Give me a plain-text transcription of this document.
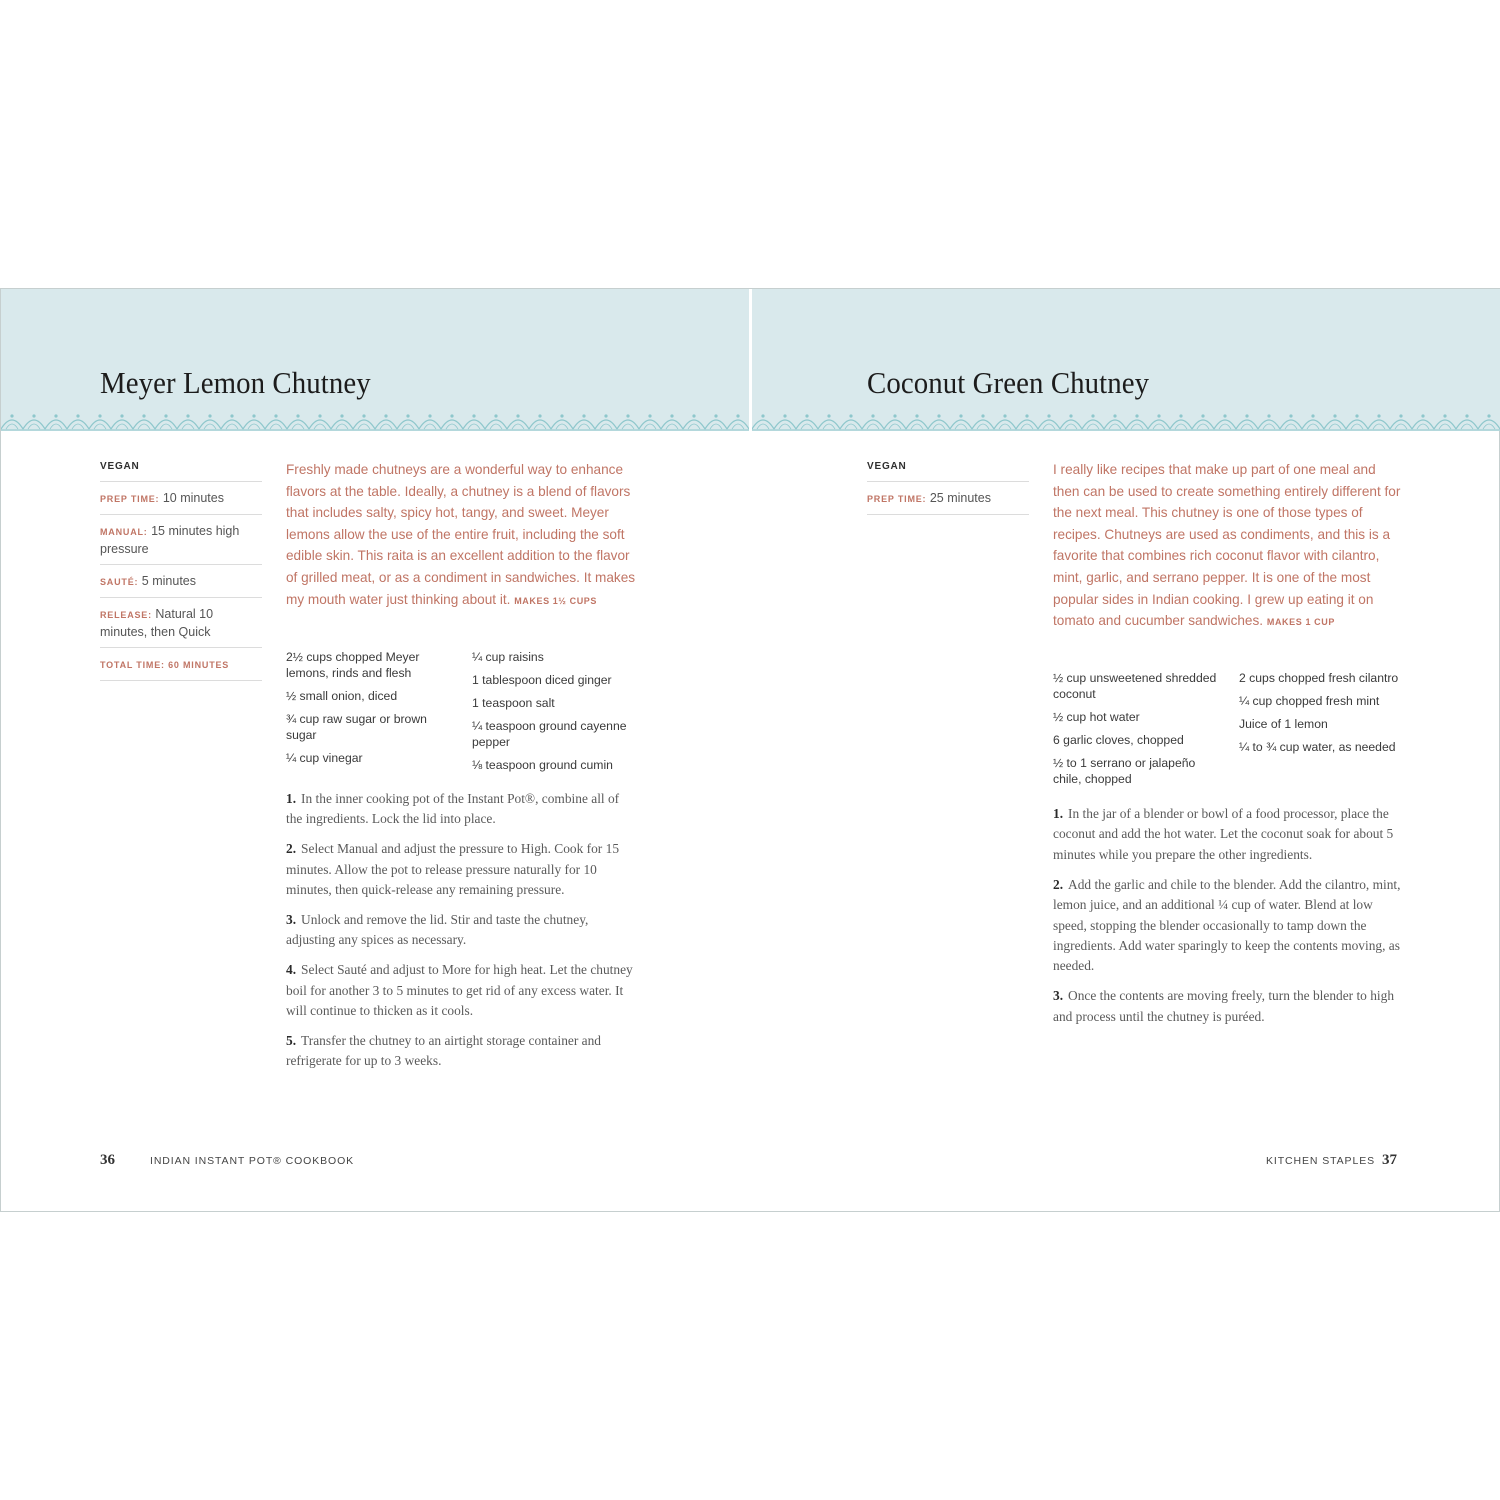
Meyer Lemon Chutney
VEGAN
PREP TIME: 10 minutes
MANUAL: 15 minutes high pressure
SAUTÉ: 5 minutes
RELEASE: Natural 10 minutes, then Quick
TOTAL TIME: 60 MINUTES

Freshly made chutneys are a wonderful way to enhance flavors at the table. Ideally, a chutney is a blend of flavors that includes salty, spicy hot, tangy, and sweet. Meyer lemons allow the use of the entire fruit, including the soft edible skin. This raita is an excellent addition to the flavor of grilled meat, or as a condiment in sandwiches. It makes my mouth water just thinking about it. MAKES 1½ CUPS

2½ cups chopped Meyer lemons, rinds and flesh
½ small onion, diced
¾ cup raw sugar or brown sugar
¼ cup vinegar
¼ cup raisins
1 tablespoon diced ginger
1 teaspoon salt
¼ teaspoon ground cayenne pepper
⅛ teaspoon ground cumin
1. In the inner cooking pot of the Instant Pot®, combine all of the ingredients. Lock the lid into place.
2. Select Manual and adjust the pressure to High. Cook for 15 minutes. Allow the pot to release pressure naturally for 10 minutes, then quick-release any remaining pressure.
3. Unlock and remove the lid. Stir and taste the chutney, adjusting any spices as necessary.
4. Select Sauté and adjust to More for high heat. Let the chutney boil for another 3 to 5 minutes to get rid of any excess water. It will continue to thicken as it cools.
5. Transfer the chutney to an airtight storage container and refrigerate for up to 3 weeks.
36	INDIAN INSTANT POT® COOKBOOK
Coconut Green Chutney
VEGAN
PREP TIME: 25 minutes

I really like recipes that make up part of one meal and then can be used to create something entirely different for the next meal. This chutney is one of those types of recipes. Chutneys are used as condiments, and this is a favorite that combines rich coconut flavor with cilantro, mint, garlic, and serrano pepper. It is one of the most popular sides in Indian cooking. I grew up eating it on tomato and cucumber sandwiches. MAKES 1 CUP

½ cup unsweetened shredded coconut
½ cup hot water
6 garlic cloves, chopped
½ to 1 serrano or jalapeño chile, chopped
2 cups chopped fresh cilantro
¼ cup chopped fresh mint
Juice of 1 lemon
¼ to ¾ cup water, as needed
1. In the jar of a blender or bowl of a food processor, place the coconut and add the hot water. Let the coconut soak for about 5 minutes while you prepare the other ingredients.
2. Add the garlic and chile to the blender. Add the cilantro, mint, lemon juice, and an additional ¼ cup of water. Blend at low speed, stopping the blender occasionally to tamp down the ingredients. Add water sparingly to keep the contents moving, as needed.
3. Once the contents are moving freely, turn the blender to high and process until the chutney is puréed.
KITCHEN STAPLES 37
